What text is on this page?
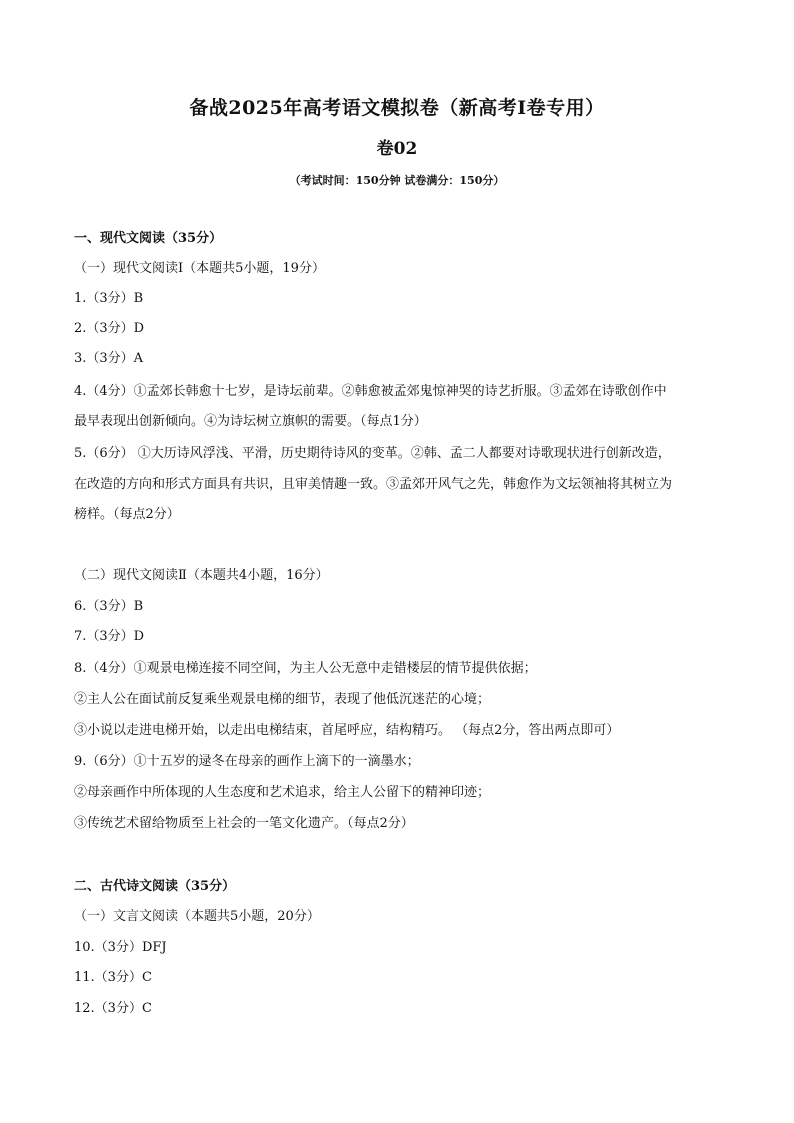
备战2025年高考语文模拟卷（新高考Ⅰ卷专用）
卷02
（考试时间：150分钟 试卷满分：150分）
一、现代文阅读（35分）
（一）现代文阅读Ⅰ（本题共5小题，19分）
1.（3分）B
2.（3分）D
3.（3分）A
4.（4分）①孟郊长韩愈十七岁，是诗坛前辈。②韩愈被孟郊鬼惊神哭的诗艺折服。③孟郊在诗歌创作中
最早表现出创新倾向。④为诗坛树立旗帜的需要。（每点1分）
5.（6分） ①大历诗风浮浅、平滑，历史期待诗风的变革。②韩、孟二人都要对诗歌现状进行创新改造，
在改造的方向和形式方面具有共识，且审美情趣一致。③孟郊开风气之先，韩愈作为文坛领袖将其树立为
榜样。（每点2分）
（二）现代文阅读Ⅱ（本题共4小题，16分）
6.（3分）B
7.（3分）D
8.（4分）①观景电梯连接不同空间，为主人公无意中走错楼层的情节提供依据；
②主人公在面试前反复乘坐观景电梯的细节，表现了他低沉迷茫的心境；
③小说以走进电梯开始，以走出电梯结束，首尾呼应，结构精巧。 （每点2分，答出两点即可）
9.（6分）①十五岁的逯冬在母亲的画作上滴下的一滴墨水；
②母亲画作中所体现的人生态度和艺术追求，给主人公留下的精神印迹；
③传统艺术留给物质至上社会的一笔文化遗产。（每点2分）
二、古代诗文阅读（35分）
（一）文言文阅读（本题共5小题，20分）
10.（3分）DFJ
11.（3分）C
12.（3分）C
